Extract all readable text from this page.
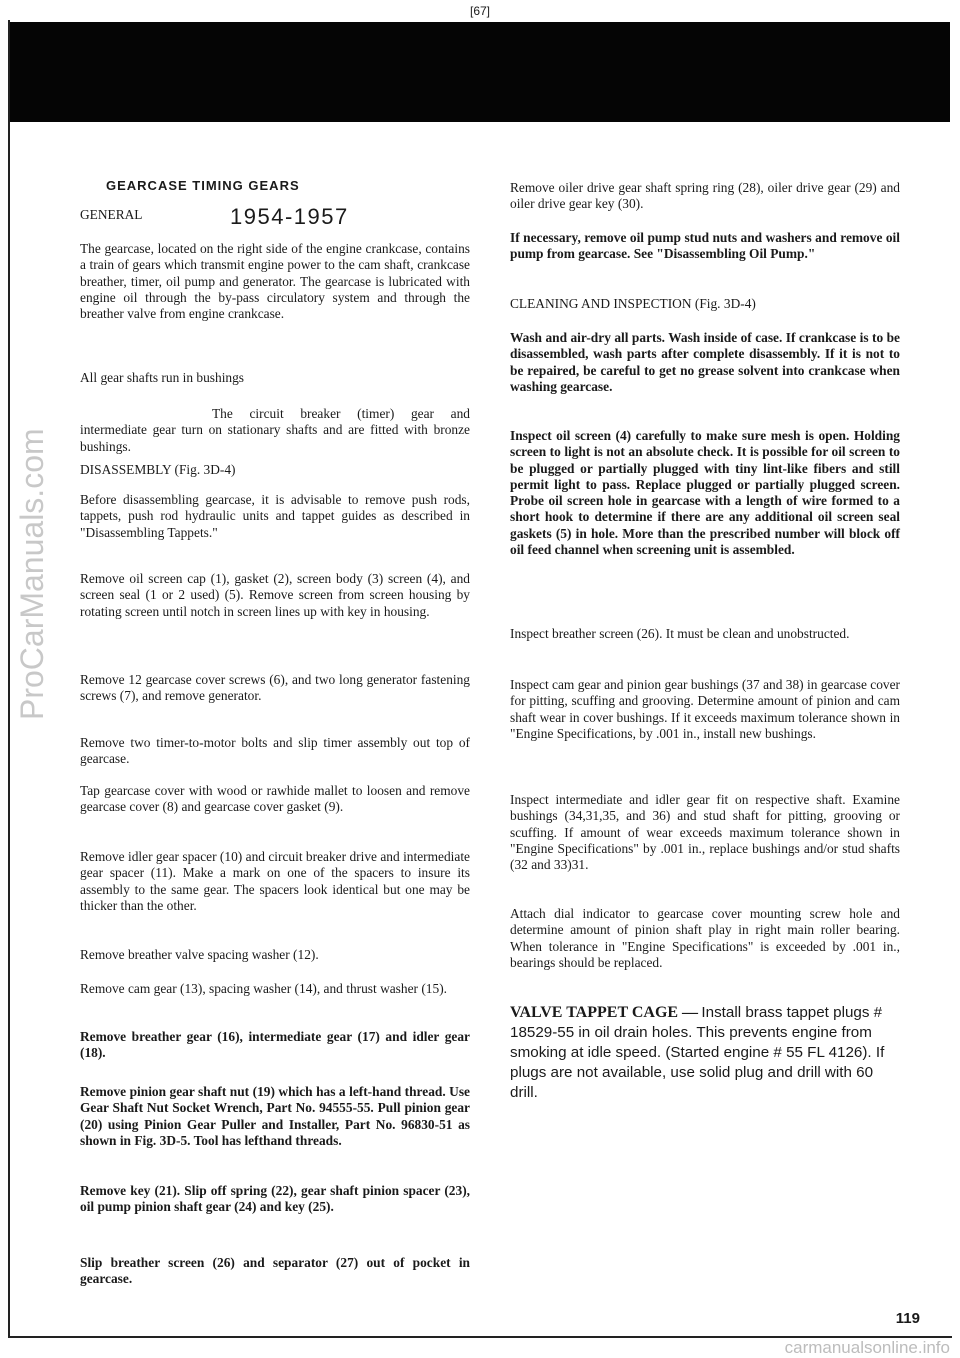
[67]
ProCarManuals.com

GEARCASE TIMING GEARS

GENERAL	1954-1957

The gearcase, located on the right side of the engine crankcase, contains a train of gears which transmit engine power to the cam shaft, crankcase breather, timer, oil pump and generator. The gearcase is lubricated with engine oil through the by-pass circulatory system and through the breather valve from engine crankcase.

All gear shafts run in bushings

The circuit breaker (timer) gear and intermediate gear turn on stationary shafts and are fitted with bronze bushings.

DISASSEMBLY (Fig. 3D-4)

Before disassembling gearcase, it is advisable to remove push rods, tappets, push rod hydraulic units and tappet guides as described in "Disassembling Tappets."

Remove oil screen cap (1), gasket (2), screen body (3) screen (4), and screen seal (1 or 2 used) (5). Remove screen from screen housing by rotating screen until notch in screen lines up with key in housing.

Remove 12 gearcase cover screws (6), and two long generator fastening screws (7), and remove generator.

Remove two timer-to-motor bolts and slip timer assembly out top of gearcase.

Tap gearcase cover with wood or rawhide mallet to loosen and remove gearcase cover (8) and gearcase cover gasket (9).

Remove idler gear spacer (10) and circuit breaker drive and intermediate gear spacer (11). Make a mark on one of the spacers to insure its assembly to the same gear. The spacers look identical but one may be thicker than the other.

Remove breather valve spacing washer (12).

Remove cam gear (13), spacing washer (14), and thrust washer (15).

Remove breather gear (16), intermediate gear (17) and idler gear (18).

Remove pinion gear shaft nut (19) which has a left-hand thread. Use Gear Shaft Nut Socket Wrench, Part No. 94555-55. Pull pinion gear (20) using Pinion Gear Puller and Installer, Part No. 96830-51 as shown in Fig. 3D-5. Tool has lefthand threads.

Remove key (21). Slip off spring (22), gear shaft pinion spacer (23), oil pump pinion shaft gear (24) and key (25).

Slip breather screen (26) and separator (27) out of pocket in gearcase.

Remove oiler drive gear shaft spring ring (28), oiler drive gear (29) and oiler drive gear key (30).

If necessary, remove oil pump stud nuts and washers and remove oil pump from gearcase. See "Disassembling Oil Pump."

CLEANING AND INSPECTION (Fig. 3D-4)

Wash and air-dry all parts. Wash inside of case. If crankcase is to be disassembled, wash parts after complete disassembly. If it is not to be repaired, be careful to get no grease solvent into crankcase when washing gearcase.

Inspect oil screen (4) carefully to make sure mesh is open. Holding screen to light is not an absolute check. It is possible for oil screen to be plugged or partially plugged with tiny lint-like fibers and still permit light to pass. Replace plugged or partially plugged screen. Probe oil screen hole in gearcase with a length of wire formed to a short hook to determine if there are any additional oil screen seal gaskets (5) in hole. More than the prescribed number will block off oil feed channel when screening unit is assembled.

Inspect breather screen (26). It must be clean and unobstructed.

Inspect cam gear and pinion gear bushings (37 and 38) in gearcase cover for pitting, scuffing and grooving. Determine amount of pinion and cam shaft wear in cover bushings. If it exceeds maximum tolerance shown in "Engine Specifications, by .001 in., install new bushings.

Inspect intermediate and idler gear fit on respective shaft. Examine bushings (34,31,35, and 36) and stud shaft for pitting, grooving or scuffing. If amount of wear exceeds maximum tolerance shown in "Engine Specifications" by .001 in., replace bushings and/or stud shafts (32 and 33)31.

Attach dial indicator to gearcase cover mounting screw hole and determine amount of pinion shaft play in right main roller bearing. When tolerance in "Engine Specifications" is exceeded by .001 in., bearings should be replaced.

VALVE TAPPET CAGE — Install brass tappet plugs # 18529-55 in oil drain holes. This prevents engine from smoking at idle speed. (Started engine # 55 FL 4126). If plugs are not available, use solid plug and drill with 60 drill.

119
carmanualsonline.info
